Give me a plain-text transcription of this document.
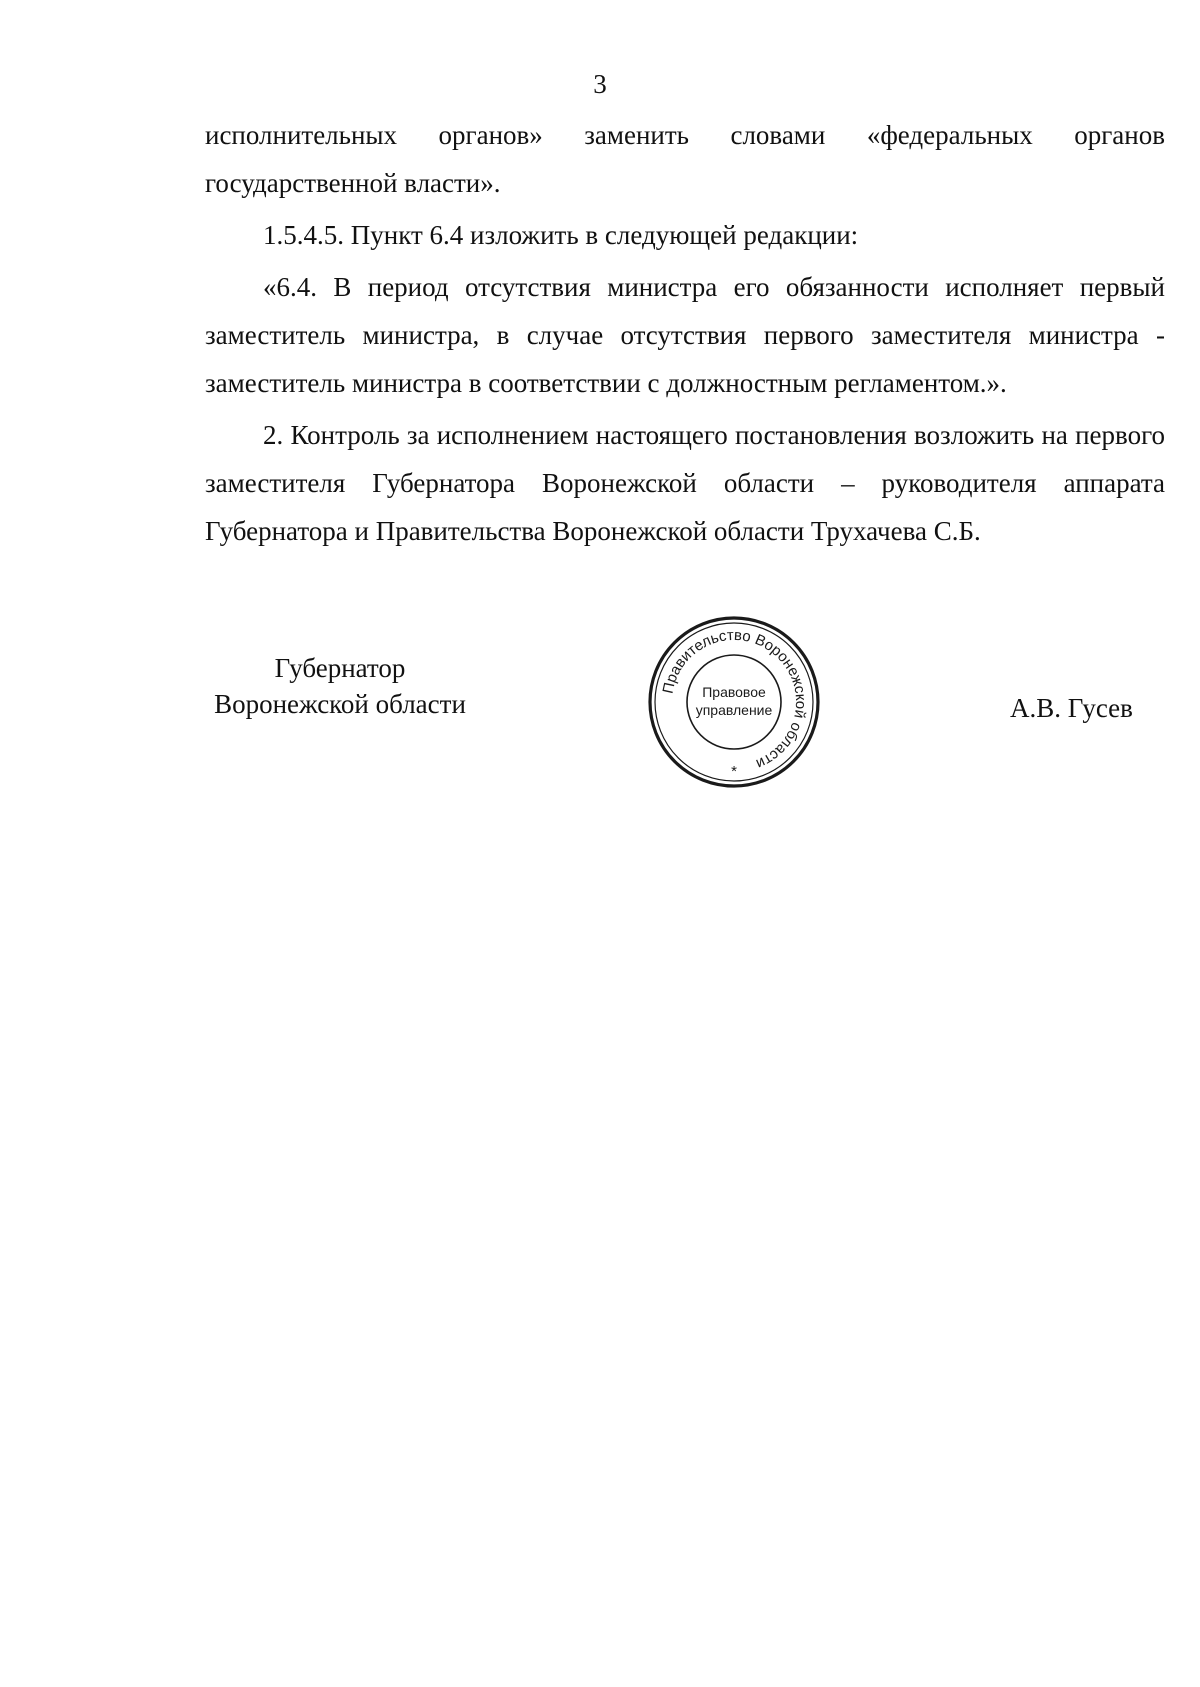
3

исполнительных органов» заменить словами «федеральных органов государственной власти».

1.5.4.5. Пункт 6.4 изложить в следующей редакции:

«6.4. В период отсутствия министра его обязанности исполняет первый заместитель министра, в случае отсутствия первого заместителя министра - заместитель министра в соответствии с должностным регламентом.».

2. Контроль за исполнением настоящего постановления возложить на первого заместителя Губернатора Воронежской области – руководителя аппарата Губернатора и Правительства Воронежской области Трухачева С.Б.

Губернатор
Воронежской области
Правительство Воронежской области
Правовое
управление
*
А.В. Гусев
